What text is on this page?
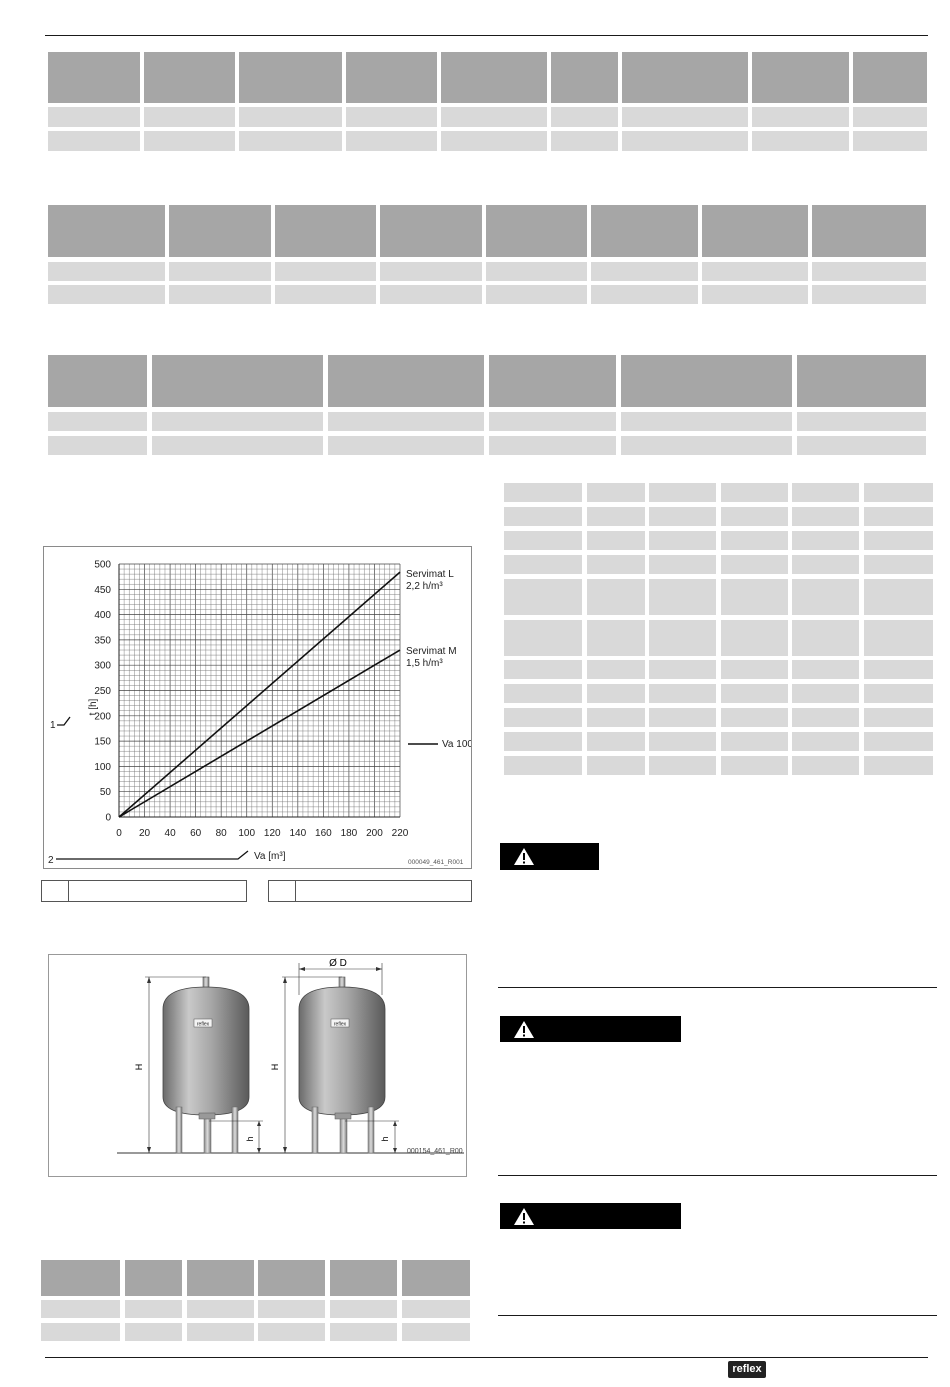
0 20 40 60 80 100 120 140 160 180 200 220
0
50
100
150
200
250
300
350
400
450
500
Servimat L
2,2 h/m³
Servimat M
1,5 h/m³
Va 100
t [h]
1
Va [m³]
2	000049_461_R001
reflex
H
h
reflex
Ø D
H
h
000154_461_R00
reflex
